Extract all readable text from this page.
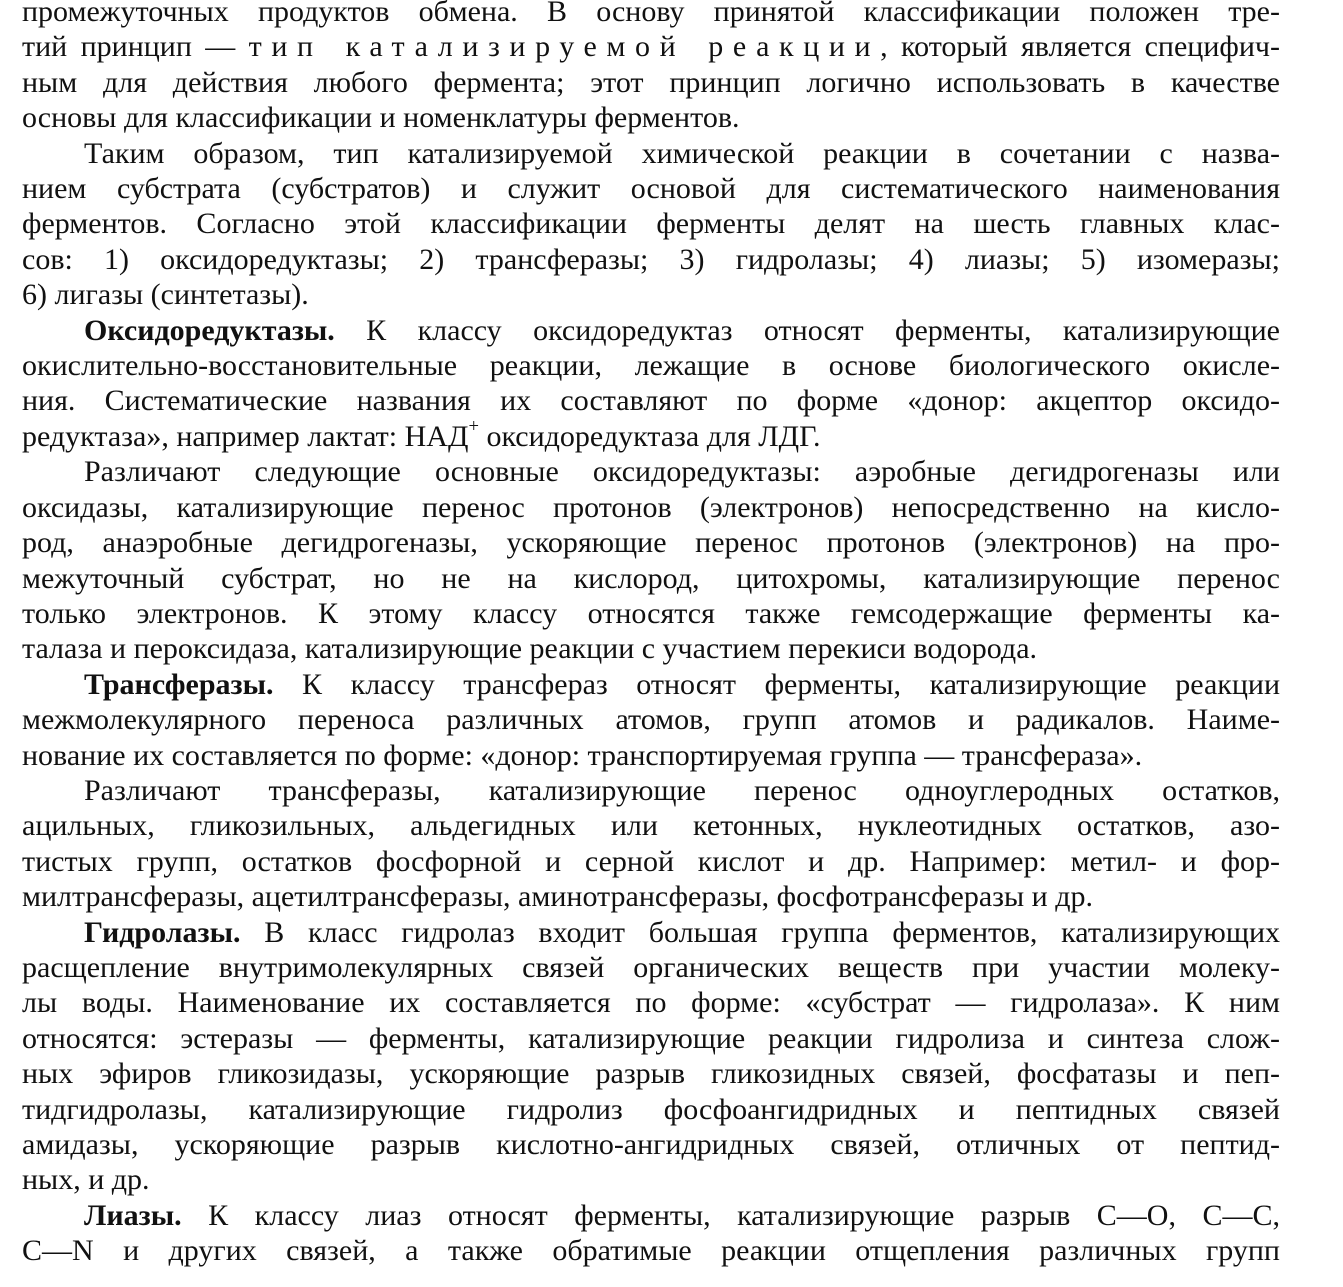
промежуточных продуктов обмена. В основу принятой классификации положен тре-
тий принцип — тип катализируемой реакции, который является специфич-
ным для действия любого фермента; этот принцип логично использовать в качестве
основы для классификации и номенклатуры ферментов.
Таким образом, тип катализируемой химической реакции в сочетании с назва-
нием субстрата (субстратов) и служит основой для систематического наименования
ферментов. Согласно этой классификации ферменты делят на шесть главных клас-
сов: 1) оксидоредуктазы; 2) трансферазы; 3) гидролазы; 4) лиазы; 5) изомеразы;
6) лигазы (синтетазы).
Оксидоредуктазы. К классу оксидоредуктаз относят ферменты, катализирующие
окислительно-восстановительные реакции, лежащие в основе биологического окисле-
ния. Систематические названия их составляют по форме «донор: акцептор оксидо-
редуктаза», например лактат: НАД+ оксидоредуктаза для ЛДГ.
Различают следующие основные оксидоредуктазы: аэробные дегидрогеназы или
оксидазы, катализирующие перенос протонов (электронов) непосредственно на кисло-
род, анаэробные дегидрогеназы, ускоряющие перенос протонов (электронов) на про-
межуточный субстрат, но не на кислород, цитохромы, катализирующие перенос
только электронов. К этому классу относятся также гемсодержащие ферменты ка-
талаза и пероксидаза, катализирующие реакции с участием перекиси водорода.
Трансферазы. К классу трансфераз относят ферменты, катализирующие реакции
межмолекулярного переноса различных атомов, групп атомов и радикалов. Наиме-
нование их составляется по форме: «донор: транспортируемая группа — трансфераза».
Различают трансферазы, катализирующие перенос одноуглеродных остатков,
ацильных, гликозильных, альдегидных или кетонных, нуклеотидных остатков, азо-
тистых групп, остатков фосфорной и серной кислот и др. Например: метил- и фор-
милтрансферазы, ацетилтрансферазы, аминотрансферазы, фосфотрансферазы и др.
Гидролазы. В класс гидролаз входит большая группа ферментов, катализирующих
расщепление внутримолекулярных связей органических веществ при участии молеку-
лы воды. Наименование их составляется по форме: «субстрат — гидролаза». К ним
относятся: эстеразы — ферменты, катализирующие реакции гидролиза и синтеза слож-
ных эфиров гликозидазы, ускоряющие разрыв гликозидных связей, фосфатазы и пеп-
тидгидролазы, катализирующие гидролиз фосфоангидридных и пептидных связей
амидазы, ускоряющие разрыв кислотно-ангидридных связей, отличных от пептид-
ных, и др.
Лиазы. К классу лиаз относят ферменты, катализирующие разрыв С—О, С—С,
С—N и других связей, а также обратимые реакции отщепления различных групп
